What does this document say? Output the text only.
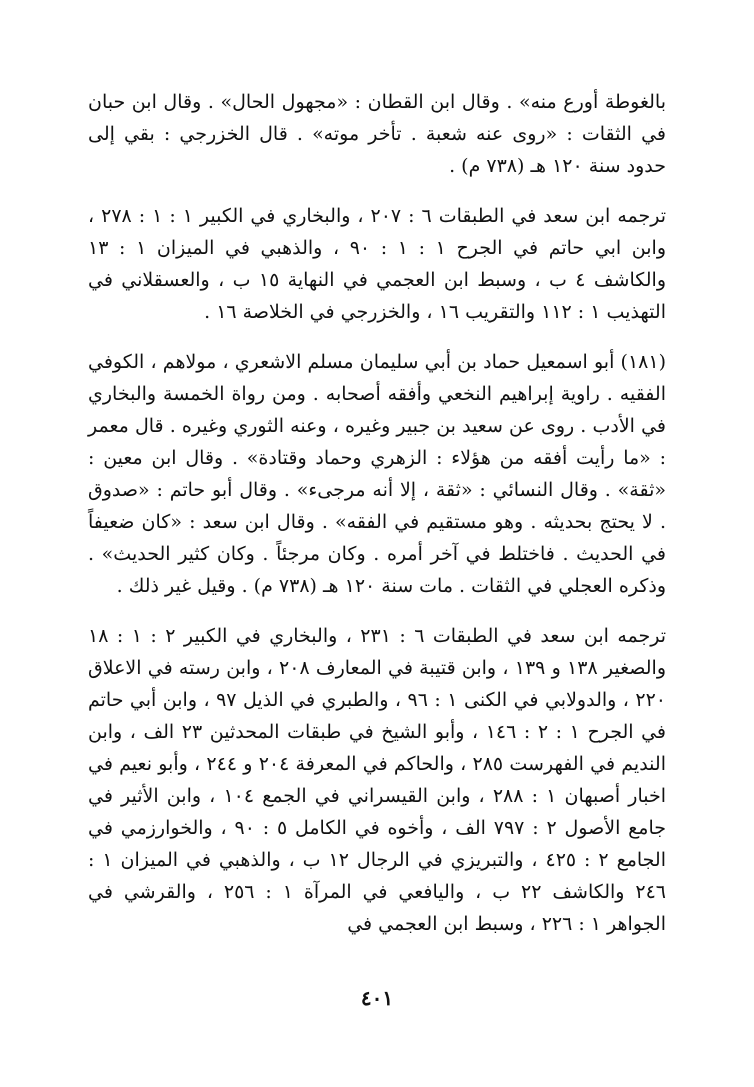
بالغوطة أورع منه» . وقال ابن القطان : «مجهول الحال» . وقال ابن حبان في الثقات : «روى عنه شعبة . تأخر موته» . قال الخزرجي : بقي إلى حدود سنة ١٢٠ هـ (٧٣٨ م) .

ترجمه ابن سعد في الطبقات ٦ : ٢٠٧ ، والبخاري في الكبير ١ : ١ : ٢٧٨ ، وابن ابي حاتم في الجرح ١ : ١ : ٩٠ ، والذهبي في الميزان ١ : ١٣ والكاشف ٤ ب ، وسبط ابن العجمي في النهاية ١٥ ب ، والعسقلاني في التهذيب ١ : ١١٢ والتقريب ١٦ ، والخزرجي في الخلاصة ١٦ .

(١٨١) أبو اسمعيل حماد بن أبي سليمان مسلم الاشعري ، مولاهم ، الكوفي الفقيه . راوية إبراهيم النخعي وأفقه أصحابه . ومن رواة الخمسة والبخاري في الأدب . روى عن سعيد بن جبير وغيره ، وعنه الثوري وغيره . قال معمر : «ما رأيت أفقه من هؤلاء : الزهري وحماد وقتادة» . وقال ابن معين : «ثقة» . وقال النسائي : «ثقة ، إلا أنه مرجىء» . وقال أبو حاتم : «صدوق . لا يحتج بحديثه . وهو مستقيم في الفقه» . وقال ابن سعد : «كان ضعيفاً في الحديث . فاختلط في آخر أمره . وكان مرجئاً . وكان كثير الحديث» . وذكره العجلي في الثقات . مات سنة ١٢٠ هـ (٧٣٨ م) . وقيل غير ذلك .

ترجمه ابن سعد في الطبقات ٦ : ٢٣١ ، والبخاري في الكبير ٢ : ١ : ١٨ والصغير ١٣٨ و ١٣٩ ، وابن قتيبة في المعارف ٢٠٨ ، وابن رسته في الاعلاق ٢٢٠ ، والدولابي في الكنى ١ : ٩٦ ، والطبري في الذيل ٩٧ ، وابن أبي حاتم في الجرح ١ : ٢ : ١٤٦ ، وأبو الشيخ في طبقات المحدثين ٢٣ الف ، وابن النديم في الفهرست ٢٨٥ ، والحاكم في المعرفة ٢٠٤ و ٢٤٤ ، وأبو نعيم في اخبار أصبهان ١ : ٢٨٨ ، وابن القيسراني في الجمع ١٠٤ ، وابن الأثير في جامع الأصول ٢ : ٧٩٧ الف ، وأخوه في الكامل ٥ : ٩٠ ، والخوارزمي في الجامع ٢ : ٤٢٥ ، والتبريزي في الرجال ١٢ ب ، والذهبي في الميزان ١ : ٢٤٦ والكاشف ٢٢ ب ، واليافعي في المرآة ١ : ٢٥٦ ، والقرشي في الجواهر ١ : ٢٢٦ ، وسبط ابن العجمي في

٤٠١
